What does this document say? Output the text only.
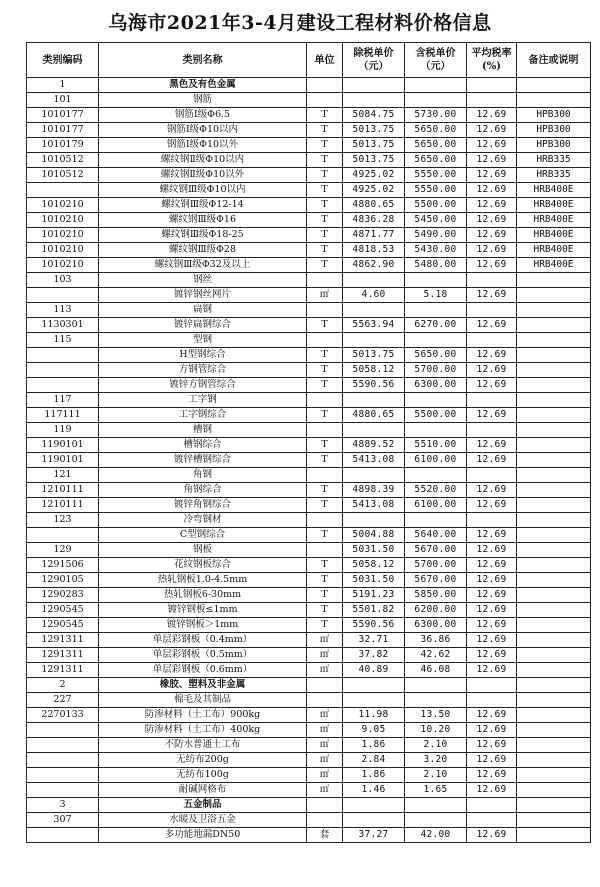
乌海市2021年3-4月建设工程材料价格信息
类别编码	类别名称	单位	除税单价（元）	含税单价（元）	平均税率(%)	备注或说明
1	黑色及有色金属					
101	钢筋					
1010177	钢筋Ⅰ级Φ6.5	T	5084.75	5730.00	12.69	HPB300
1010177	钢筋Ⅰ级Φ10以内	T	5013.75	5650.00	12.69	HPB300
1010179	钢筋Ⅰ级Φ10以外	T	5013.75	5650.00	12.69	HPB300
1010512	螺纹钢Ⅱ级Φ10以内	T	5013.75	5650.00	12.69	HRB335
1010512	螺纹钢Ⅱ级Φ10以外	T	4925.02	5550.00	12.69	HRB335
	螺纹钢Ⅲ级Φ10以内	T	4925.02	5550.00	12.69	HRB400E
1010210	螺纹钢Ⅲ级Φ12-14	T	4880.65	5500.00	12.69	HRB400E
1010210	螺纹钢Ⅲ级Φ16	T	4836.28	5450.00	12.69	HRB400E
1010210	螺纹钢Ⅲ级Φ18-25	T	4871.77	5490.00	12.69	HRB400E
1010210	螺纹钢Ⅲ级Φ28	T	4818.53	5430.00	12.69	HRB400E
1010210	螺纹钢Ⅲ级Φ32及以上	T	4862.90	5480.00	12.69	HRB400E
103	钢丝					
	镀锌钢丝网片	㎡	4.60	5.18	12.69	
113	扁钢					
1130301	镀锌扁钢综合	T	5563.94	6270.00	12.69	
115	型钢					
	H型钢综合	T	5013.75	5650.00	12.69	
	方钢管综合	T	5058.12	5700.00	12.69	
	镀锌方钢管综合	T	5590.56	6300.00	12.69	
117	工字钢					
117111	工字钢综合	T	4880.65	5500.00	12.69	
119	槽钢					
1190101	槽钢综合	T	4889.52	5510.00	12.69	
1190101	镀锌槽钢综合	T	5413.08	6100.00	12.69	
121	角钢					
1210111	角钢综合	T	4898.39	5520.00	12.69	
1210111	镀锌角钢综合	T	5413.08	6100.00	12.69	
123	冷弯钢材					
	C型钢综合	T	5004.88	5640.00	12.69	
129	钢板		5031.50	5670.00	12.69	
1291506	花纹钢板综合	T	5058.12	5700.00	12.69	
1290105	热轧钢板1.0-4.5mm	T	5031.50	5670.00	12.69	
1290283	热轧钢板6-30mm	T	5191.23	5850.00	12.69	
1290545	镀锌钢板≤1mm	T	5501.82	6200.00	12.69	
1290545	镀锌钢板＞1mm	T	5590.56	6300.00	12.69	
1291311	单层彩钢板（0.4mm）	㎡	32.71	36.86	12.69	
1291311	单层彩钢板（0.5mm）	㎡	37.82	42.62	12.69	
1291311	单层彩钢板（0.6mm）	㎡	40.89	46.08	12.69	
2	橡胶、塑料及非金属					
227	棉毛及其制品					
2270133	防渗材料（土工布）900kg	㎡	11.98	13.50	12.69	
	防渗材料（土工布）400kg	㎡	9.05	10.20	12.69	
	不防水普通土工布	㎡	1.86	2.10	12.69	
	无纺布200g	㎡	2.84	3.20	12.69	
	无纺布100g	㎡	1.86	2.10	12.69	
	耐碱网格布	㎡	1.46	1.65	12.69	
3	五金制品					
307	水暖及卫浴五金					
	多功能地漏DN50	套	37.27	42.00	12.69	
